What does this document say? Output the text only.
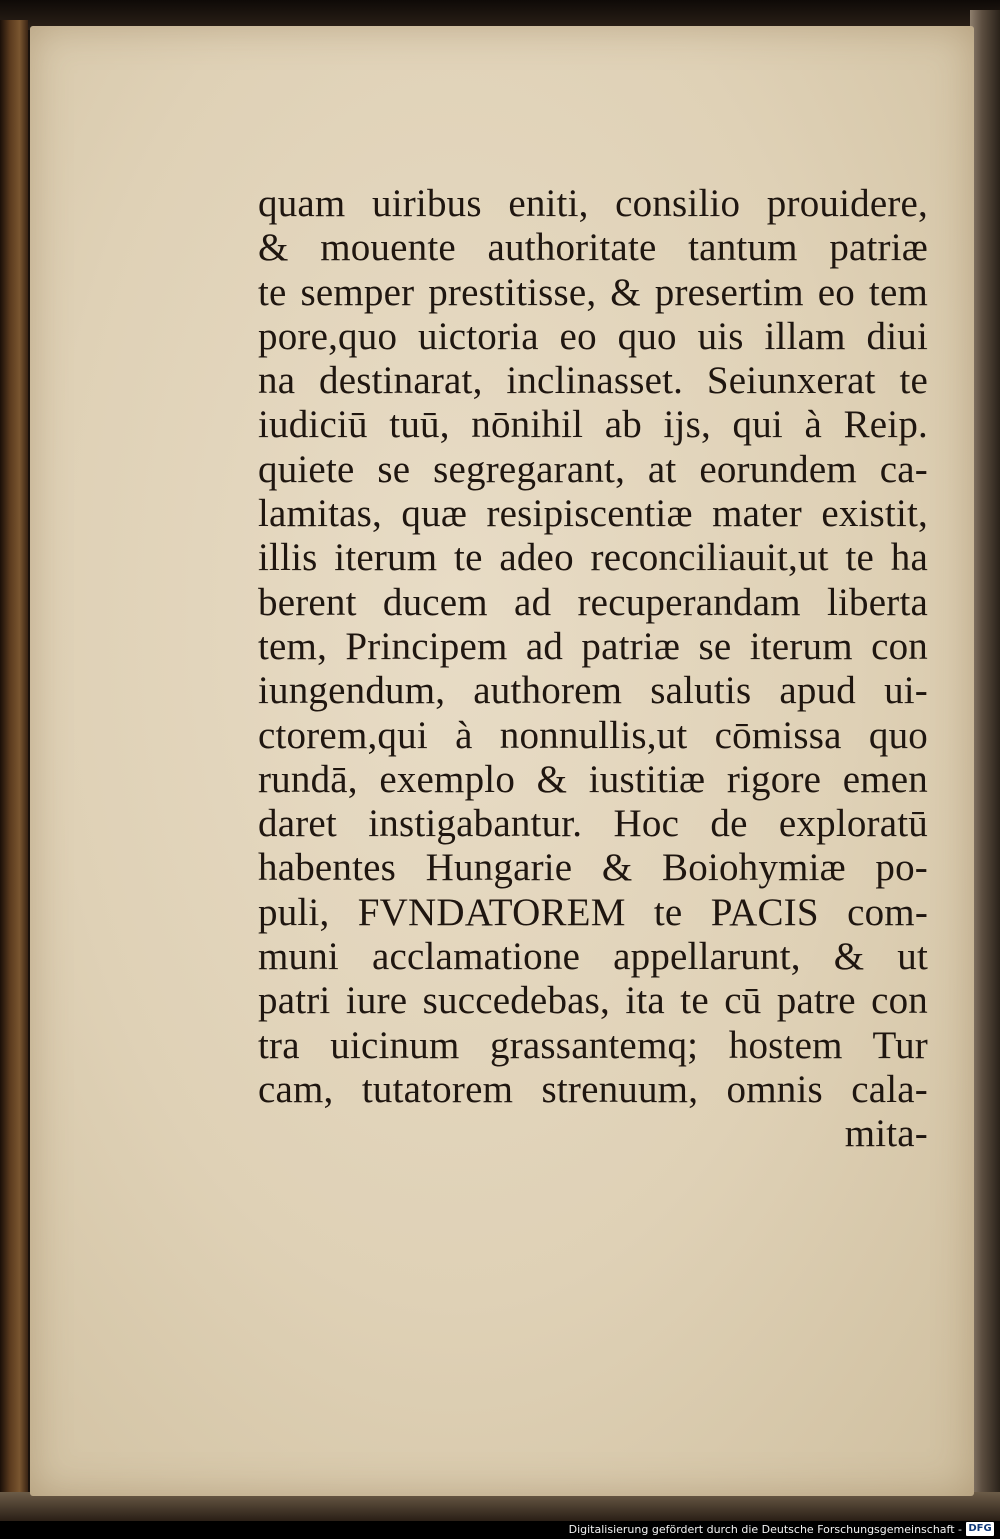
quam uiribus eniti, consilio prouidere,
& mouente authoritate tantum patriæ
te semper prestitisse, & presertim eo tem
pore,quo uictoria eo quo uis illam diui
na destinarat, inclinasset. Seiunxerat te
iudiciū tuū, nōnihil ab ijs, qui à Reip.
quiete se segregarant, at eorundem ca-
lamitas, quæ resipiscentiæ mater existit,
illis iterum te adeo reconciliauit,ut te ha
berent ducem ad recuperandam liberta
tem, Principem ad patriæ se iterum con
iungendum, authorem salutis apud ui-
ctorem,qui à nonnullis,ut cōmissa quo
rundā, exemplo & iustitiæ rigore emen
daret instigabantur. Hoc de exploratū
habentes Hungarie & Boiohymiæ po-
puli, FVNDATOREM te PACIS com-
muni acclamatione appellarunt, & ut
patri iure succedebas, ita te cū patre con
tra uicinum grassantemq; hostem Tur
cam, tutatorem strenuum, omnis cala-
mita-
Digitalisierung gefördert durch die Deutsche Forschungsgemeinschaft - DFG
